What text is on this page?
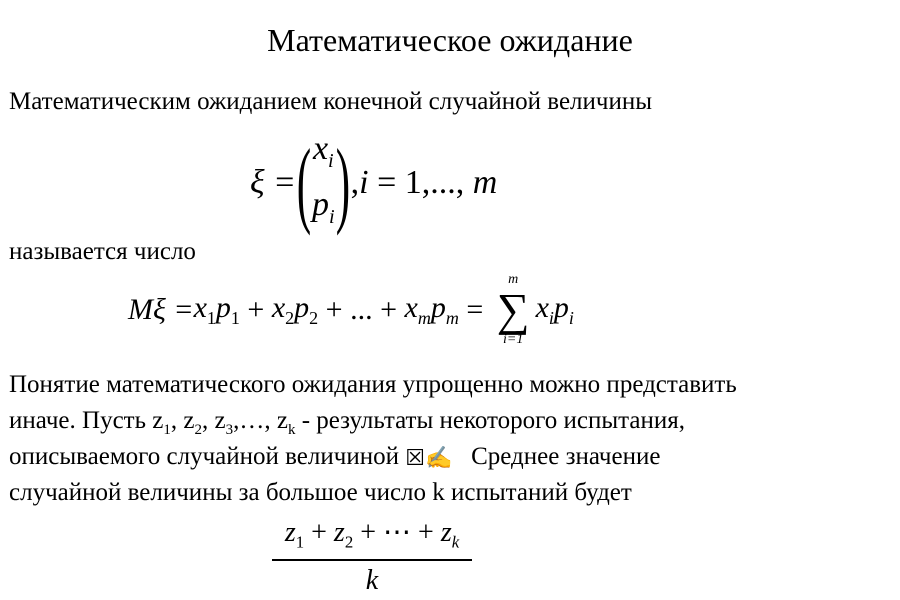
Математическое ожидание
Математическим ожиданием конечной случайной величины
ξ = ( $x_i$
$p_i$ ) ,i = 1,..., m
называется число
$M\xi = x_1p_1 + x_2p_2$ + ... + $x_mp_m$ =
m
∑
i=1
$x_ip_i$
Понятие математического ожидания упрощенно можно представить
иначе. Пусть $z_1$, $z_2$, $z_3,\dots$, $z_k$ - результаты некоторого испытания,
описываемого случайной величиной ☒✍   Среднее значение
случайной величины за большое число k испытаний будет
$\frac{z_1 + z_2 + \cdots + z_k}{k}$
